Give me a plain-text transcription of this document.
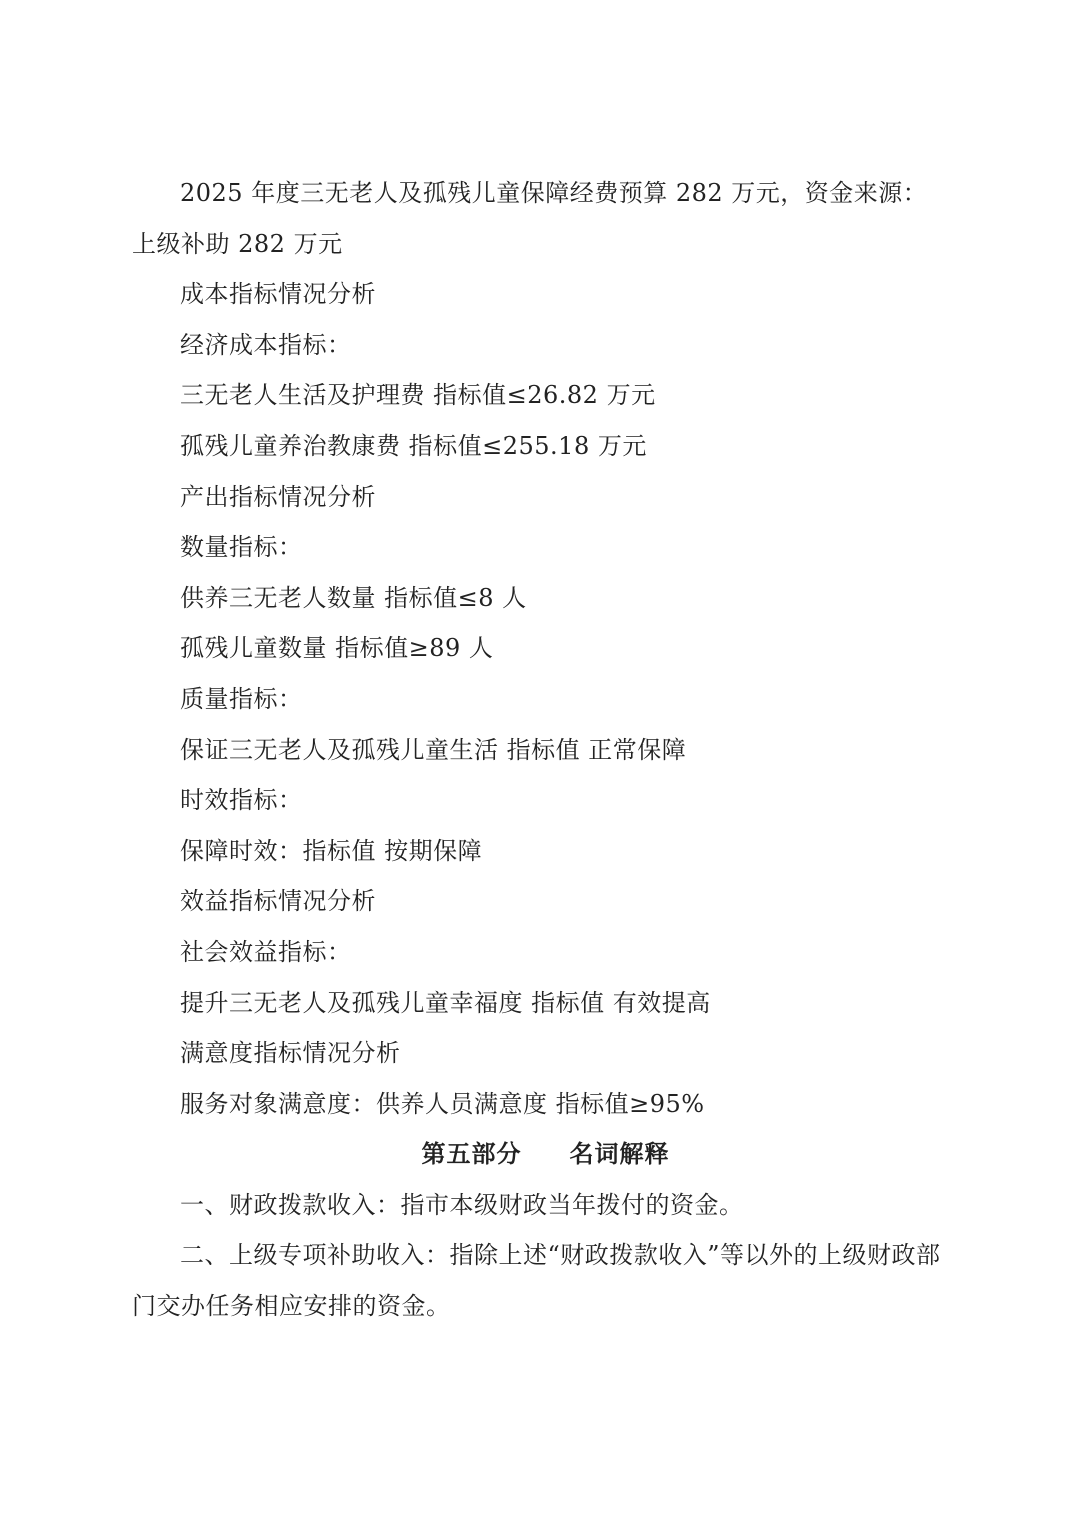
2025 年度三无老人及孤残儿童保障经费预算 282 万元，资金来源：上级补助 282 万元

成本指标情况分析

经济成本指标：

三无老人生活及护理费 指标值≤26.82 万元

孤残儿童养治教康费 指标值≤255.18 万元

产出指标情况分析

数量指标：

供养三无老人数量 指标值≤8 人

孤残儿童数量 指标值≥89 人

质量指标：

保证三无老人及孤残儿童生活 指标值 正常保障

时效指标：

保障时效：指标值 按期保障

效益指标情况分析

社会效益指标：

提升三无老人及孤残儿童幸福度 指标值 有效提高

满意度指标情况分析

服务对象满意度：供养人员满意度 指标值≥95%

第五部分 名词解释

一、财政拨款收入：指市本级财政当年拨付的资金。

二、上级专项补助收入：指除上述“财政拨款收入”等以外的上级财政部门交办任务相应安排的资金。
